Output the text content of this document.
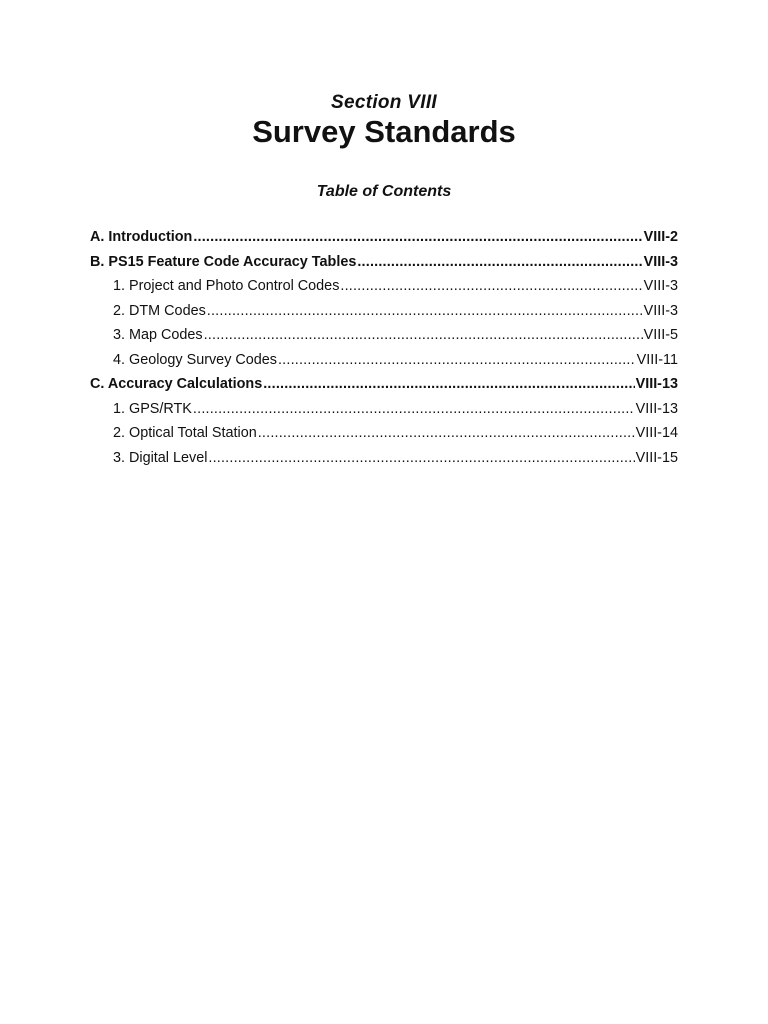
Section VIII
Survey Standards
Table of Contents
A. Introduction .....	VIII-2
B. PS15 Feature Code Accuracy Tables .....	VIII-3
1. Project and Photo Control Codes .....	VIII-3
2. DTM Codes .....	VIII-3
3. Map Codes .....	VIII-5
4. Geology Survey Codes .....	VIII-11
C. Accuracy Calculations .....	VIII-13
1. GPS/RTK .....	VIII-13
2. Optical Total Station .....	VIII-14
3. Digital Level .....	VIII-15
